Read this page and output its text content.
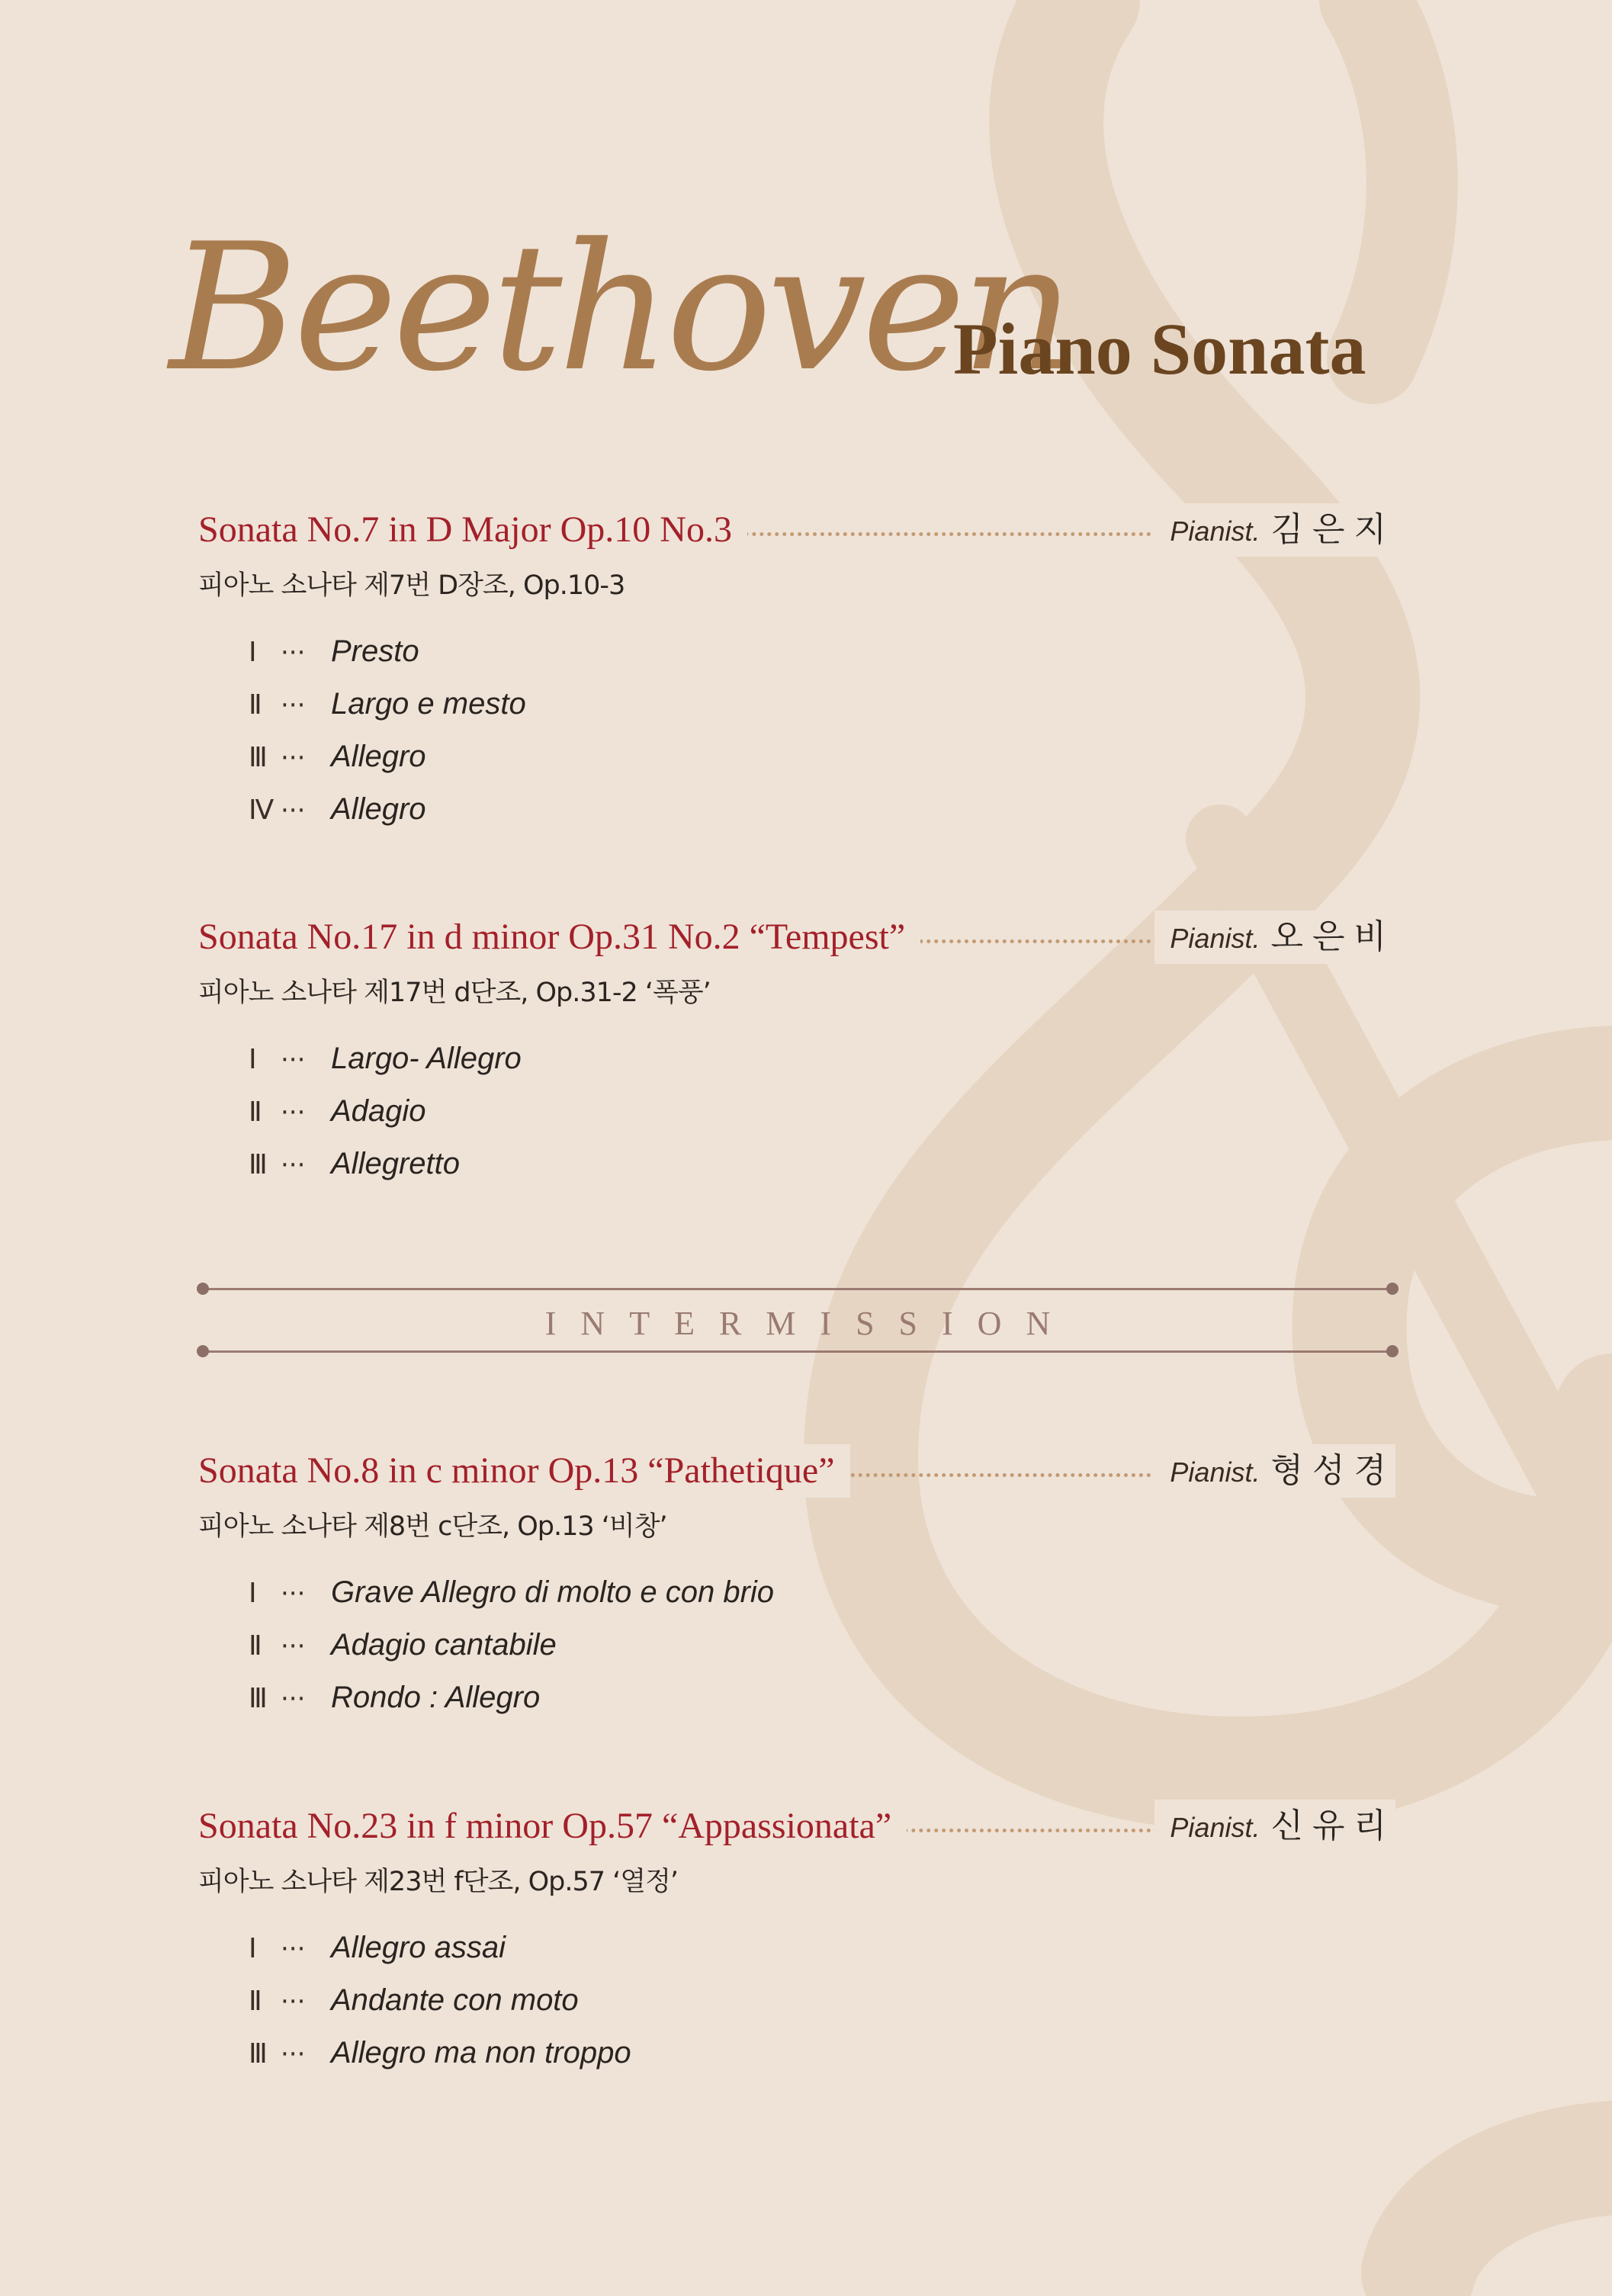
Beethoven
Piano Sonata
Sonata No.7 in D Major Op.10 No.3	Pianist. 김은지
피아노 소나타 제7번 D장조, Op.10-3
Ⅰ ··· Presto
Ⅱ ··· Largo e mesto
Ⅲ ··· Allegro
Ⅳ ··· Allegro
Sonata No.17 in d minor Op.31 No.2 “Tempest”	Pianist. 오은비
피아노 소나타 제17번 d단조, Op.31-2 ‘폭풍’
Ⅰ ··· Largo- Allegro
Ⅱ ··· Adagio
Ⅲ ··· Allegretto
INTERMISSION
Sonata No.8 in c minor Op.13 “Pathetique”	Pianist. 형성경
피아노 소나타 제8번 c단조, Op.13 ‘비창’
Ⅰ ··· Grave Allegro di molto e con brio
Ⅱ ··· Adagio cantabile
Ⅲ ··· Rondo : Allegro
Sonata No.23 in f minor Op.57 “Appassionata”	Pianist. 신유리
피아노 소나타 제23번 f단조, Op.57 ‘열정’
Ⅰ ··· Allegro assai
Ⅱ ··· Andante con moto
Ⅲ ··· Allegro ma non troppo
